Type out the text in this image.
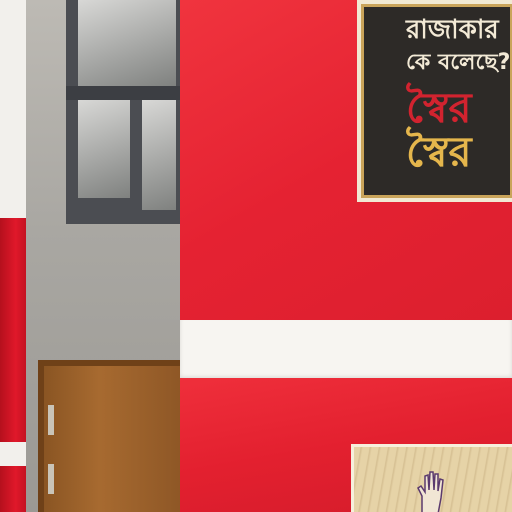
রাজাকার
কে বলেছে?
স্বৈর
স্বৈর
